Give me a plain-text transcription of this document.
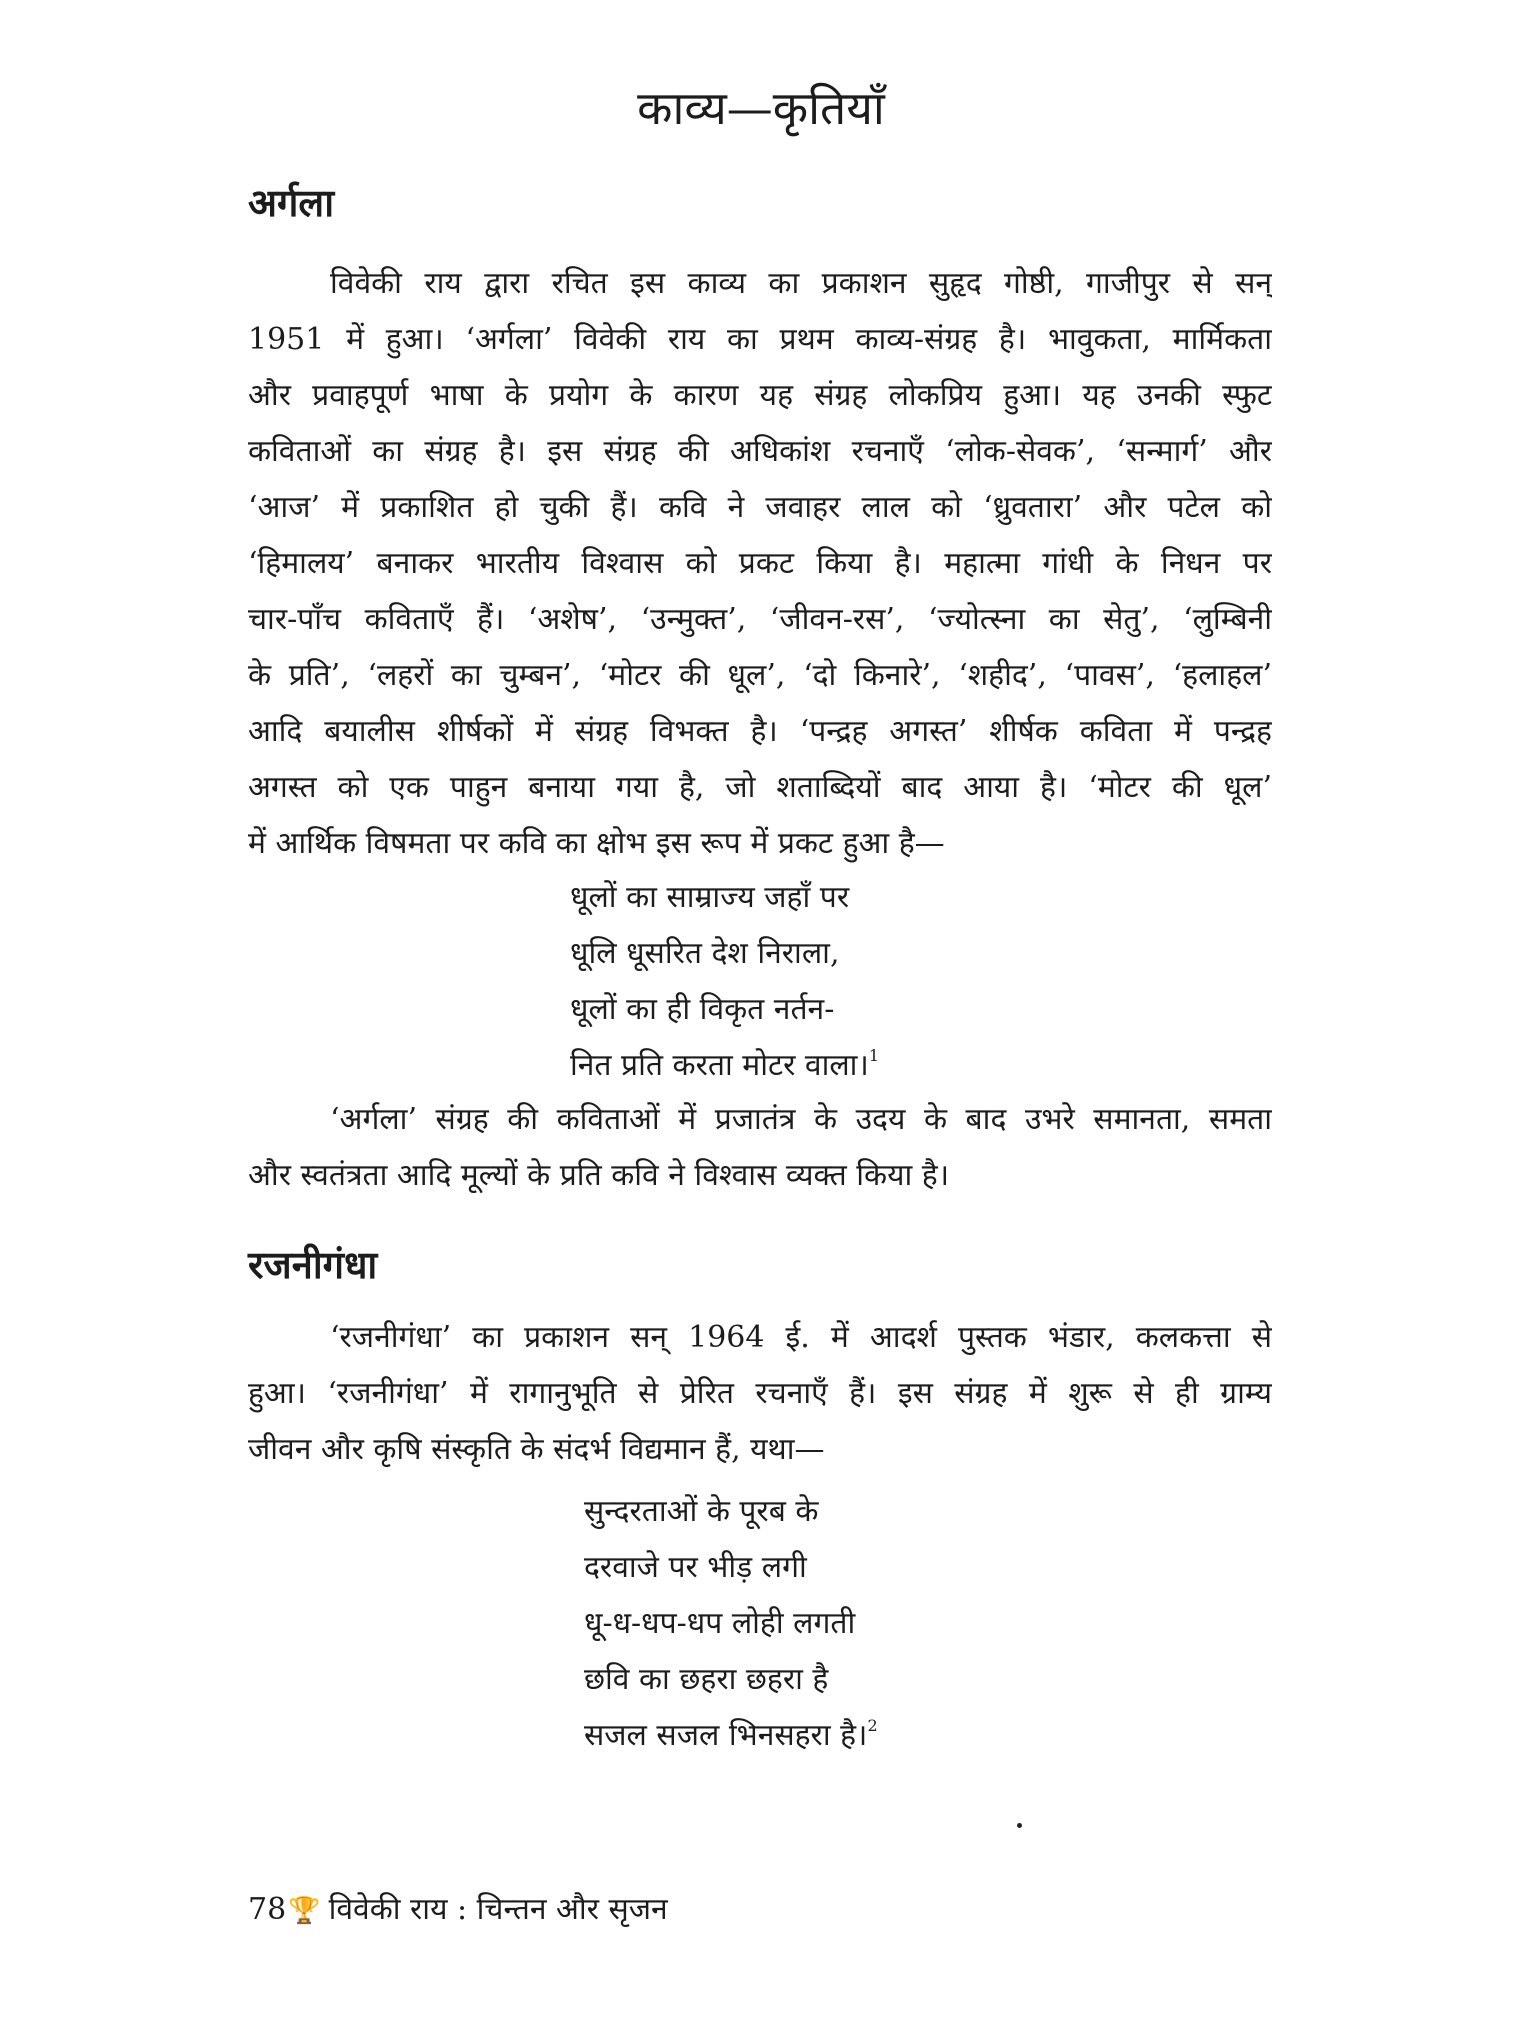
काव्य—कृतियाँ
अर्गला
विवेकी राय द्वारा रचित इस काव्य का प्रकाशन सुहृद गोष्ठी, गाजीपुर से सन्
1951 में हुआ। ‘अर्गला’ विवेकी राय का प्रथम काव्य-संग्रह है। भावुकता, मार्मिकता
और प्रवाहपूर्ण भाषा के प्रयोग के कारण यह संग्रह लोकप्रिय हुआ। यह उनकी स्फुट
कविताओं का संग्रह है। इस संग्रह की अधिकांश रचनाएँ ‘लोक-सेवक’, ‘सन्मार्ग’ और
‘आज’ में प्रकाशित हो चुकी हैं। कवि ने जवाहर लाल को ‘ध्रुवतारा’ और पटेल को
‘हिमालय’ बनाकर भारतीय विश्वास को प्रकट किया है। महात्मा गांधी के निधन पर
चार-पाँच कविताएँ हैं। ‘अशेष’, ‘उन्मुक्त’, ‘जीवन-रस’, ‘ज्योत्स्ना का सेतु’, ‘लुम्बिनी
के प्रति’, ‘लहरों का चुम्बन’, ‘मोटर की धूल’, ‘दो किनारे’, ‘शहीद’, ‘पावस’, ‘हलाहल’
आदि बयालीस शीर्षकों में संग्रह विभक्त है। ‘पन्द्रह अगस्त’ शीर्षक कविता में पन्द्रह
अगस्त को एक पाहुन बनाया गया है, जो शताब्दियों बाद आया है। ‘मोटर की धूल’
में आर्थिक विषमता पर कवि का क्षोभ इस रूप में प्रकट हुआ है—
धूलों का साम्राज्य जहाँ पर
धूलि धूसरित देश निराला,
धूलों का ही विकृत नर्तन-
नित प्रति करता मोटर वाला।$^1$
‘अर्गला’ संग्रह की कविताओं में प्रजातंत्र के उदय के बाद उभरे समानता, समता
और स्वतंत्रता आदि मूल्यों के प्रति कवि ने विश्वास व्यक्त किया है।
रजनीगंधा
‘रजनीगंधा’ का प्रकाशन सन् 1964 ई. में आदर्श पुस्तक भंडार, कलकत्ता से
हुआ। ‘रजनीगंधा’ में रागानुभूति से प्रेरित रचनाएँ हैं। इस संग्रह में शुरू से ही ग्राम्य
जीवन और कृषि संस्कृति के संदर्भ विद्यमान हैं, यथा—
सुन्दरताओं के पूरब के
दरवाजे पर भीड़ लगी
धू-ध-धप-धप लोही लगती
छवि का छहरा छहरा है
सजल सजल भिनसहरा है।$^2$
78🏆 विवेकी राय : चिन्तन और सृजन
